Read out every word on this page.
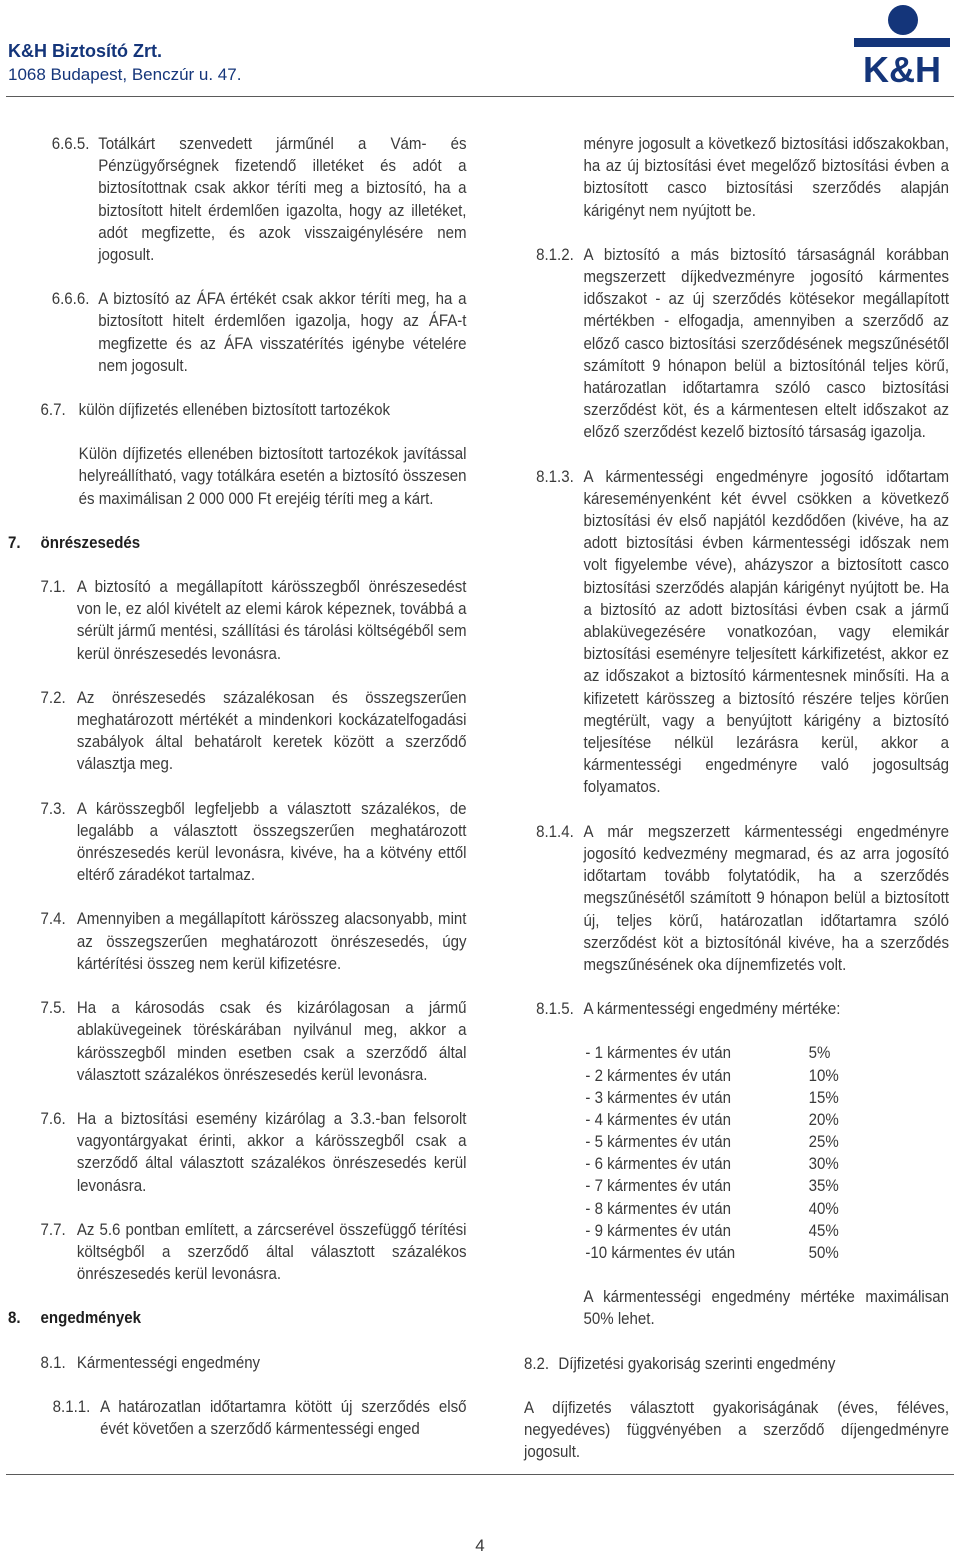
K&H Biztosító Zrt.
1068 Budapest, Benczúr u. 47.	K&H
6.6.5. Totálkárt szenvedett járműnél a Vám- és Pénzügyőrségnek fizetendő illetéket és adót a biztosítottnak csak akkor téríti meg a biztosító, ha a biztosított hitelt érdemlően igazolta, hogy az illetéket, adót megfizette, és azok visszaigénylésére nem jogosult.
6.6.6. A biztosító az ÁFA értékét csak akkor téríti meg, ha a biztosított hitelt érdemlően igazolja, hogy az ÁFA-t megfizette és az ÁFA visszatérítés igénybe vételére nem jogosult.
6.7. külön díjfizetés ellenében biztosított tartozékok
Külön díjfizetés ellenében biztosított tartozékok javítással helyreállítható, vagy totálkára esetén a biztosító összesen és maximálisan 2 000 000 Ft erejéig téríti meg a kárt.
7. önrészesedés
7.1. A biztosító a megállapított kárösszegből önrészesedést von le, ez alól kivételt az elemi károk képeznek, továbbá a sérült jármű mentési, szállítási és tárolási költségéből sem kerül önrészesedés levonásra.
7.2. Az önrészesedés százalékosan és összegszerűen meghatározott mértékét a mindenkori kockázatelfogadási szabályok által behatárolt keretek között a szerződő választja meg.
7.3. A kárösszegből legfeljebb a választott százalékos, de legalább a választott összegszerűen meghatározott önrészesedés kerül levonásra, kivéve, ha a kötvény ettől eltérő záradékot tartalmaz.
7.4. Amennyiben a megállapított kárösszeg alacsonyabb, mint az összegszerűen meghatározott önrészesedés, úgy kártérítési összeg nem kerül kifizetésre.
7.5. Ha a károsodás csak és kizárólagosan a jármű ablaküvegeinek töréskárában nyilvánul meg, akkor a kárösszegből minden esetben csak a szerződő által választott százalékos önrészesedés kerül levonásra.
7.6. Ha a biztosítási esemény kizárólag a 3.3.-ban felsorolt vagyontárgyakat érinti, akkor a kárösszegből csak a szerződő által választott százalékos önrészesedés kerül levonásra.
7.7. Az 5.6 pontban említett, a zárcserével összefüggő térítési költségből a szerződő által választott százalékos önrészesedés kerül levonásra.
8. engedmények
8.1. Kármentességi engedmény
8.1.1. A határozatlan időtartamra kötött új szerződés első évét követően a szerződő kármentességi enged
ményre jogosult a következő biztosítási időszakokban, ha az új biztosítási évet megelőző biztosítási évben a biztosított casco biztosítási szerződés alapján kárigényt nem nyújtott be.
8.1.2. A biztosító a más biztosító társaságnál korábban megszerzett díjkedvezményre jogosító kármentes időszakot - az új szerződés kötésekor megállapított mértékben - elfogadja, amennyiben a szerződő az előző casco biztosítási szerződésének megszűnésétől számított 9 hónapon belül a biztosítónál teljes körű, határozatlan időtartamra szóló casco biztosítási szerződést köt, és a kármentesen eltelt időszakot az előző szerződést kezelő biztosító társaság igazolja.
8.1.3. A kármentességi engedményre jogosító időtartam káreseményenként két évvel csökken a következő biztosítási év első napjától kezdődően (kivéve, ha az adott biztosítási évben kármentességi időszak nem volt figyelembe véve), aházyszor a biztosított casco biztosítási szerződés alapján kárigényt nyújtott be. Ha a biztosító az adott biztosítási évben csak a jármű ablaküvegezésére vonatkozóan, vagy elemikár biztosítási eseményre teljesített kárkifizetést, akkor ez az időszakot a biztosító kármentesnek minősíti. Ha a kifizetett kárösszeg a biztosító részére teljes körűen megtérült, vagy a benyújtott kárigény a biztosító teljesítése nélkül lezárásra kerül, akkor a kármentességi engedményre való jogosultság folyamatos.
8.1.4. A már megszerzett kármentességi engedményre jogosító kedvezmény megmarad, és az arra jogosító időtartam tovább folytatódik, ha a szerződés megszűnésétől számított 9 hónapon belül a biztosított új, teljes körű, határozatlan időtartamra szóló szerződést köt a biztosítónál kivéve, ha a szerződés megszűnésének oka díjnemfizetés volt.
8.1.5. A kármentességi engedmény mértéke:
- 1 kármentes év után	5%
- 2 kármentes év után	10%
- 3 kármentes év után	15%
- 4 kármentes év után	20%
- 5 kármentes év után	25%
- 6 kármentes év után	30%
- 7 kármentes év után	35%
- 8 kármentes év után	40%
- 9 kármentes év után	45%
-10 kármentes év után	50%
A kármentességi engedmény mértéke maximálisan 50% lehet.
8.2. Díjfizetési gyakoriság szerinti engedmény
A díjfizetés választott gyakoriságának (éves, féléves, negyedéves) függvényében a szerződő díjengedményre jogosult.
4
